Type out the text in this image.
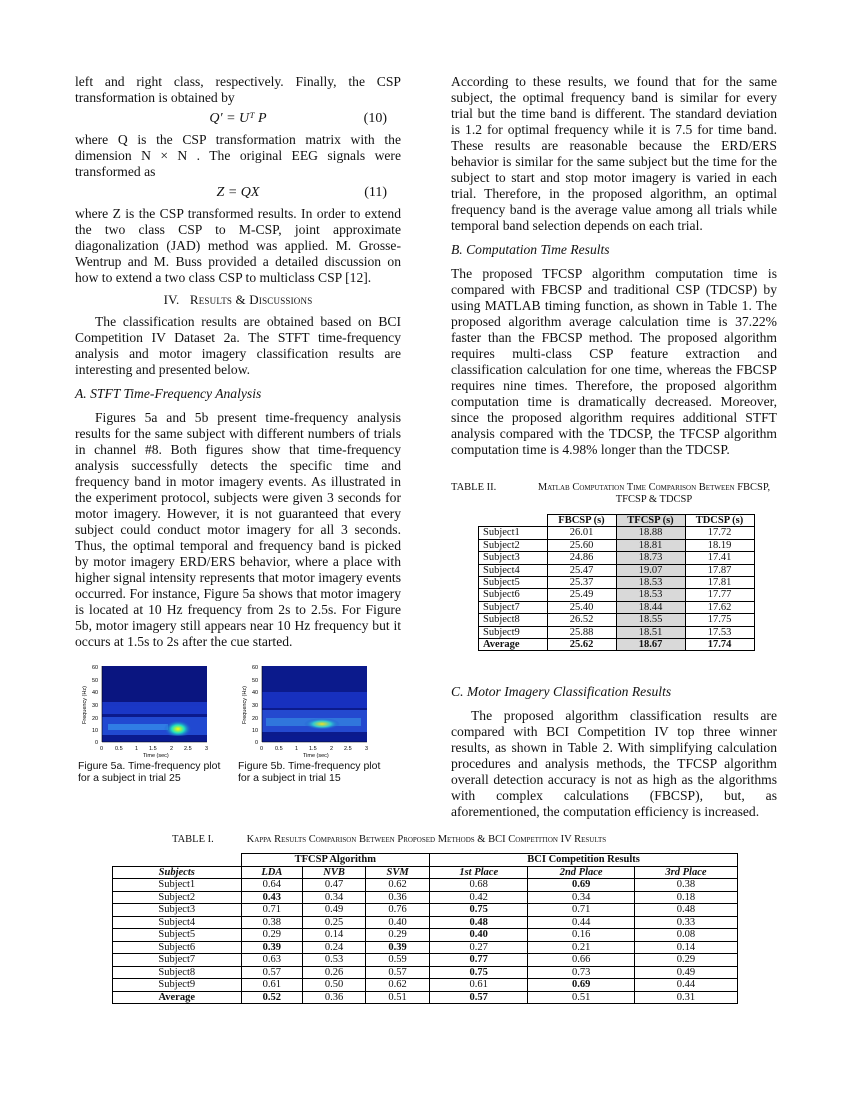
left and right class, respectively. Finally, the CSP transformation is obtained by

Q′ = Uᵀ P	(10)

where Q is the CSP transformation matrix with the dimension N × N . The original EEG signals were transformed as

Z = QX	(11)

where Z is the CSP transformed results. In order to extend the two class CSP to M-CSP, joint approximate diagonalization (JAD) method was applied. M. Grosse-Wentrup and M. Buss provided a detailed discussion on how to extend a two class CSP to multiclass CSP [12].

IV. Results & Discussions

The classification results are obtained based on BCI Competition IV Dataset 2a. The STFT time-frequency analysis and motor imagery classification results are interesting and presented below.

A. STFT Time-Frequency Analysis

Figures 5a and 5b present time-frequency analysis results for the same subject with different numbers of trials in channel #8. Both figures show that time-frequency analysis successfully detects the specific time and frequency band in motor imagery events. As illustrated in the experiment protocol, subjects were given 3 seconds for motor imagery. However, it is not guaranteed that every subject could conduct motor imagery for all 3 seconds. Thus, the optimal temporal and frequency band is picked by motor imagery ERD/ERS behavior, where a place with higher signal intensity represents that motor imagery events occurred. For instance, Figure 5a shows that motor imagery is located at 10 Hz frequency from 2s to 2.5s. For Figure 5b, motor imagery still appears near 10 Hz frequency but it occurs at 1.5s to 2s after the cue started.

60
50
40
30
20
10
0
0 0.5 1 1.5 2 2.5 3
Time (sec)
Frequency (Hz)
Figure 5a. Time-frequency plot for a subject in trial 25
60
50
40
30
20
10
0
0 0.5 1 1.5 2 2.5 3
Time (sec)
Frequency (Hz)
Figure 5b. Time-frequency plot for a subject in trial 15

According to these results, we found that for the same subject, the optimal frequency band is similar for every trial but the time band is different. The standard deviation is 1.2 for optimal frequency while it is 7.5 for time band. These results are reasonable because the ERD/ERS behavior is similar for the same subject but the time for the subject to start and stop motor imagery is varied in each trial. Therefore, in the proposed algorithm, an optimal frequency band is the average value among all trials while temporal band selection depends on each trial.

B. Computation Time Results

The proposed TFCSP algorithm computation time is compared with FBCSP and traditional CSP (TDCSP) by using MATLAB timing function, as shown in Table 1. The proposed algorithm average calculation time is 37.22% faster than the FBCSP method. The proposed algorithm requires multi-class CSP feature extraction and classification calculation for one time, whereas the FBCSP requires nine times. Therefore, the proposed algorithm computation time is dramatically decreased. Moreover, since the proposed algorithm requires additional STFT analysis compared with the TDCSP, the TFCSP algorithm computation time is 4.98% longer than the TDCSP.

TABLE II.	Matlab Computation Time Comparison Between FBCSP, TFCSP & TDCSP
	FBCSP (s)	TFCSP (s)	TDCSP (s)
Subject1	26.01	18.88	17.72
Subject2	25.60	18.81	18.19
Subject3	24.86	18.73	17.41
Subject4	25.47	19.07	17.87
Subject5	25.37	18.53	17.81
Subject6	25.49	18.53	17.77
Subject7	25.40	18.44	17.62
Subject8	26.52	18.55	17.75
Subject9	25.88	18.51	17.53
Average	25.62	18.67	17.74
C. Motor Imagery Classification Results

The proposed algorithm classification results are compared with BCI Competition IV top three winner results, as shown in Table 2. With simplifying calculation procedures and analysis methods, the TFCSP algorithm overall detection accuracy is not as high as the algorithms with complex calculations (FBCSP), but, as aforementioned, the computation efficiency is increased.

TABLE I.	Kappa Results Comparison Between Proposed Methods & BCI Competition IV Results
	TFCSP Algorithm			BCI Competition Results		
Subjects	LDA	NVB	SVM	1st Place	2nd Place	3rd Place
Subject1	0.64	0.47	0.62	0.68	0.69	0.38
Subject2	0.43	0.34	0.36	0.42	0.34	0.18
Subject3	0.71	0.49	0.76	0.75	0.71	0.48
Subject4	0.38	0.25	0.40	0.48	0.44	0.33
Subject5	0.29	0.14	0.29	0.40	0.16	0.08
Subject6	0.39	0.24	0.39	0.27	0.21	0.14
Subject7	0.63	0.53	0.59	0.77	0.66	0.29
Subject8	0.57	0.26	0.57	0.75	0.73	0.49
Subject9	0.61	0.50	0.62	0.61	0.69	0.44
Average	0.52	0.36	0.51	0.57	0.51	0.31
